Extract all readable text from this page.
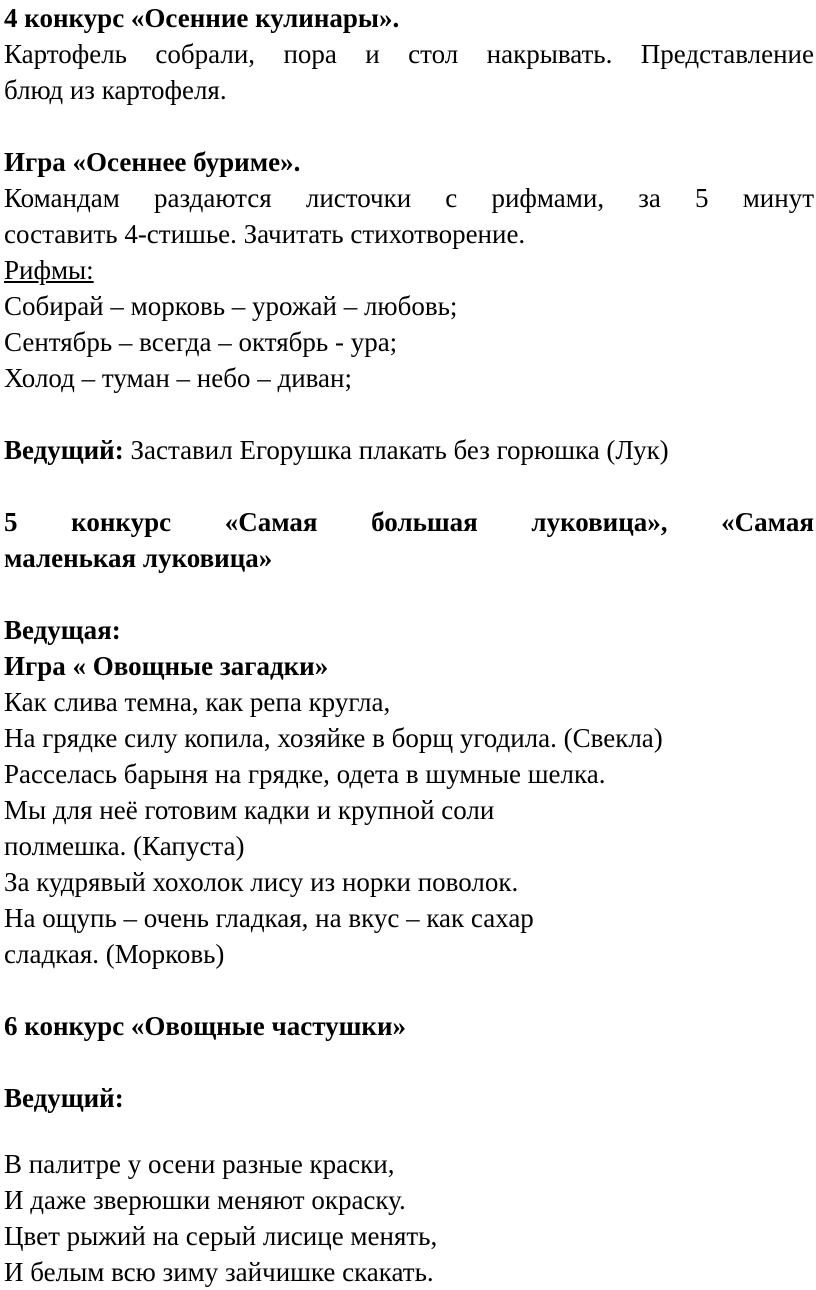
4 конкурс «Осенние кулинары».
Картофель собрали, пора и стол накрывать. Представление
блюд из картофеля.
Игра «Осеннее буриме».
Командам раздаются листочки с рифмами, за 5 минут
составить 4-стишье. Зачитать стихотворение.
Рифмы:
Собирай – морковь – урожай – любовь;
Сентябрь – всегда – октябрь - ура;
Холод – туман – небо – диван;
Ведущий: Заставил Егорушка плакать без горюшка (Лук)
5 конкурс «Самая большая луковица», «Самая
маленькая луковица»
Ведущая:
Игра « Овощные загадки»
Как слива темна, как репа кругла,
На грядке силу копила, хозяйке в борщ угодила. (Свекла)
Расселась барыня на грядке, одета в шумные шелка.
Мы для неё готовим кадки и крупной соли
полмешка. (Капуста)
За кудрявый хохолок лису из норки поволок.
На ощупь – очень гладкая, на вкус – как сахар
сладкая. (Морковь)
6 конкурс «Овощные частушки»
Ведущий:
В палитре у осени разные краски,
И даже зверюшки меняют окраску.
Цвет рыжий на серый лисице менять,
И белым всю зиму зайчишке скакать.
